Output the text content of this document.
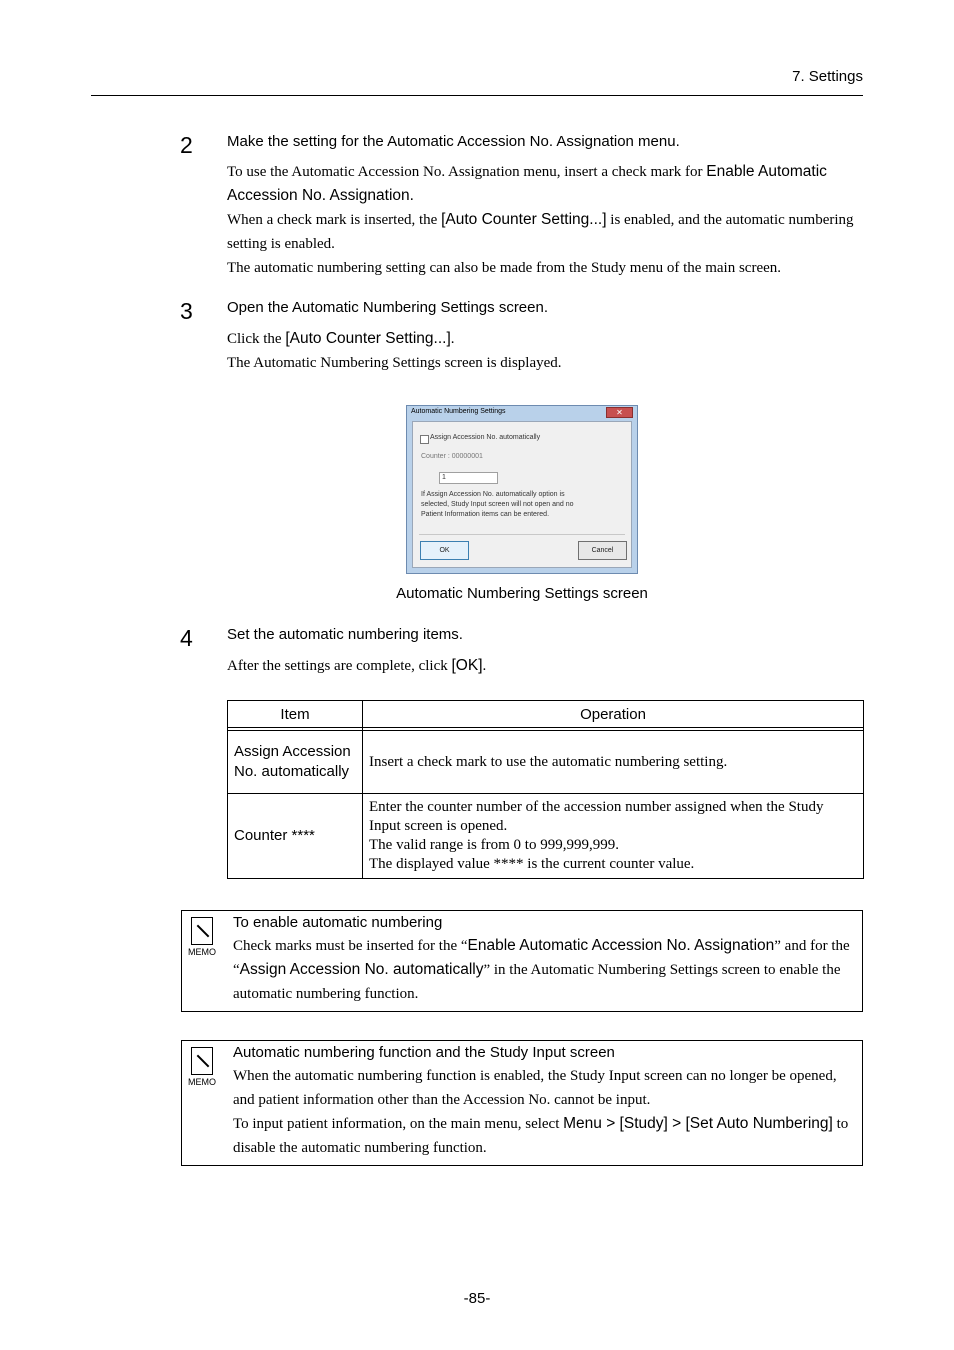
7. Settings
2 Make the setting for the Automatic Accession No. Assignation menu.
To use the Automatic Accession No. Assignation menu, insert a check mark for Enable Automatic Accession No. Assignation.
When a check mark is inserted, the [Auto Counter Setting...] is enabled, and the automatic numbering setting is enabled.
The automatic numbering setting can also be made from the Study menu of the main screen.
3 Open the Automatic Numbering Settings screen.
Click the [Auto Counter Setting...].
The Automatic Numbering Settings screen is displayed.
Automatic Numbering Settings	✕
Assign Accession No. automatically
Counter : 00000001
1
If Assign Accession No. automatically option is
selected, Study Input screen will not open and no
Patient Information items can be entered.
OK	Cancel
Automatic Numbering Settings screen
4 Set the automatic numbering items.
After the settings are complete, click [OK].
Item	Operation

Assign Accession No. automatically	Insert a check mark to use the automatic numbering setting.

Counter ****	Enter the counter number of the accession number assigned when the Study Input screen is opened.
The valid range is from 0 to 999,999,999.
The displayed value **** is the current counter value.
MEMO
To enable automatic numbering
Check marks must be inserted for the “Enable Automatic Accession No. Assignation” and for the “Assign Accession No. automatically” in the Automatic Numbering Settings screen to enable the automatic numbering function.
MEMO
Automatic numbering function and the Study Input screen
When the automatic numbering function is enabled, the Study Input screen can no longer be opened, and patient information other than the Accession No. cannot be input.
To input patient information, on the main menu, select Menu > [Study] > [Set Auto Numbering] to disable the automatic numbering function.
-85-
